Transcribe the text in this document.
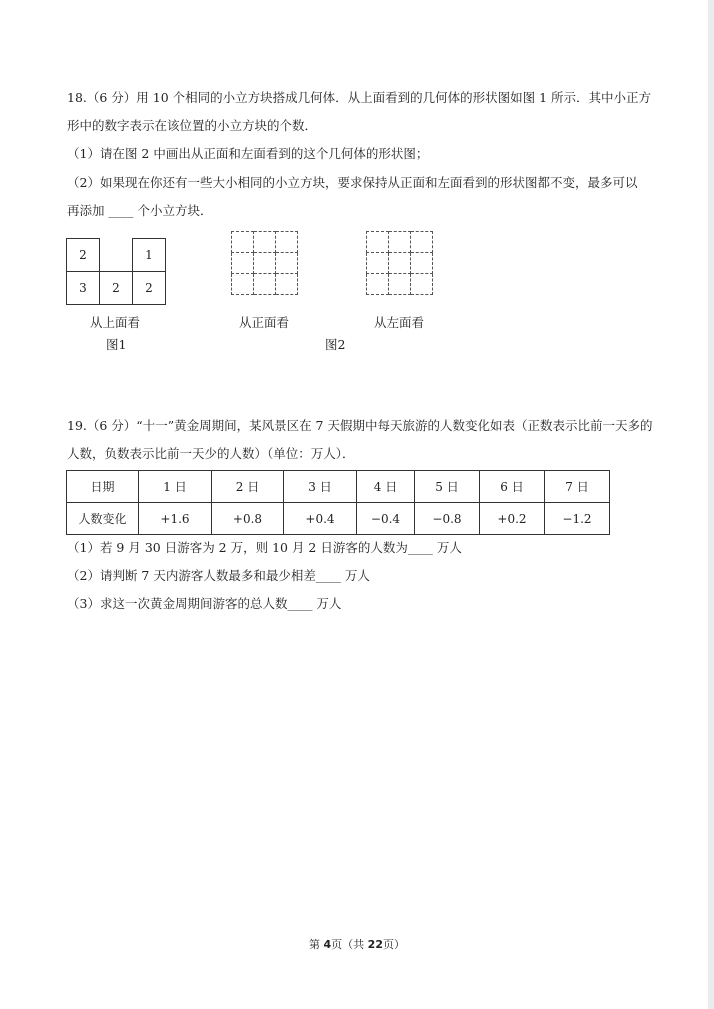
18.（6 分）用 10 个相同的小立方块搭成几何体．从上面看到的几何体的形状图如图 1 所示．其中小正方
形中的数字表示在该位置的小立方块的个数．
（1）请在图 2 中画出从正面和左面看到的这个几何体的形状图；
（2）如果现在你还有一些大小相同的小立方块，要求保持从正面和左面看到的形状图都不变，最多可以
再添加 ____ 个小立方块．
2		1
3	2	2

从上面看	从正面看	从左面看
图1	图2
19.（6 分）“十一”黄金周期间，某风景区在 7 天假期中每天旅游的人数变化如表（正数表示比前一天多的
人数，负数表示比前一天少的人数）（单位：万人）．
日期	1 日	2 日	3 日	4 日	5 日	6 日	7 日
人数变化	+1.6	+0.8	+0.4	−0.4	−0.8	+0.2	−1.2
（1）若 9 月 30 日游客为 2 万，则 10 月 2 日游客的人数为____ 万人
（2）请判断 7 天内游客人数最多和最少相差____ 万人
（3）求这一次黄金周期间游客的总人数____ 万人
第 4页（共 22页）
